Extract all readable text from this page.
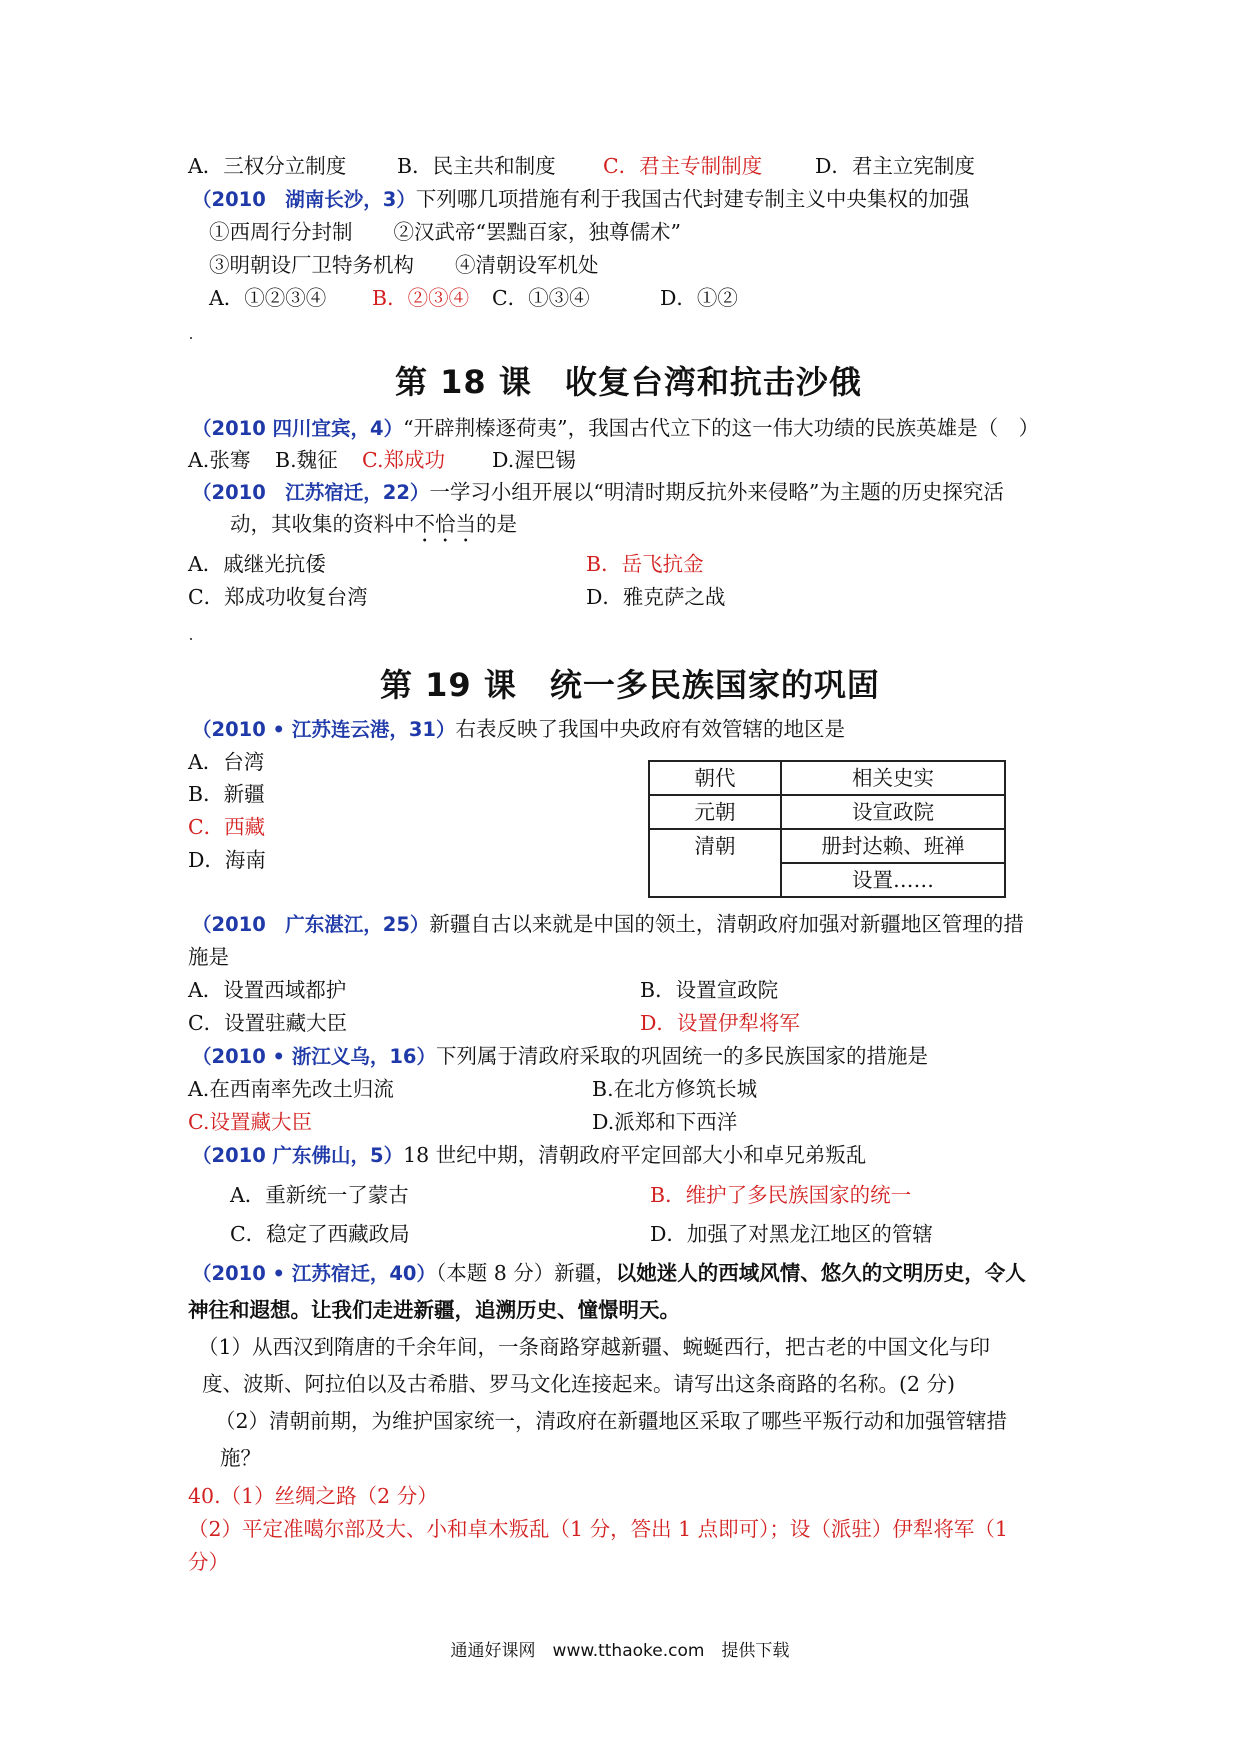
A．三权分立制度 B．民主共和制度 C．君主专制制度	D．君主立宪制度
（2010　湖南长沙，3）下列哪几项措施有利于我国古代封建专制主义中央集权的加强
①西周行分封制　　②汉武帝“罢黜百家，独尊儒术”
③明朝设厂卫特务机构　　④清朝设军机处
A．①②③④ B．②③④ C．①③④	D．①②
第 18 课　收复台湾和抗击沙俄
（2010 四川宜宾，4）“开辟荆榛逐荷夷”，我国古代立下的这一伟大功绩的民族英雄是（　）
A.张骞 B.魏征 C.郑成功 D.渥巴锡
（2010　江苏宿迁，22）一学习小组开展以“明清时期反抗外来侵略”为主题的历史探究活
动，其收集的资料中不恰当的是
A．戚继光抗倭	B．岳飞抗金
C．郑成功收复台湾	D．雅克萨之战
第 19 课　统一多民族国家的巩固
（2010 • 江苏连云港，31）右表反映了我国中央政府有效管辖的地区是
A．台湾
B．新疆
C．西藏
D．海南
朝代	相关史实
元朝	设宣政院
清朝	册封达赖、班禅
	设置……
（2010　广东湛江，25）新疆自古以来就是中国的领土，清朝政府加强对新疆地区管理的措
施是
A．设置西域都护	B．设置宣政院
C．设置驻藏大臣	D．设置伊犁将军
（2010 • 浙江义乌，16）下列属于清政府采取的巩固统一的多民族国家的措施是
A.在西南率先改土归流	B.在北方修筑长城
C.设置藏大臣	D.派郑和下西洋
（2010 广东佛山，5）18 世纪中期，清朝政府平定回部大小和卓兄弟叛乱
A．重新统一了蒙古	B．维护了多民族国家的统一
C．稳定了西藏政局	D．加强了对黑龙江地区的管辖
（2010 • 江苏宿迁，40）（本题 8 分）新疆，以她迷人的西域风情、悠久的文明历史，令人
神往和遐想。让我们走进新疆，追溯历史、憧憬明天。
（1）从西汉到隋唐的千余年间，一条商路穿越新疆、蜿蜒西行，把古老的中国文化与印
度、波斯、阿拉伯以及古希腊、罗马文化连接起来。请写出这条商路的名称。(2 分)
（2）清朝前期，为维护国家统一，清政府在新疆地区采取了哪些平叛行动和加强管辖措
施？
40.（1）丝绸之路（2 分）
（2）平定准噶尔部及大、小和卓木叛乱（1 分，答出 1 点即可）；设（派驻）伊犁将军（1
分）
通通好课网　www.tthaoke.com　提供下载
